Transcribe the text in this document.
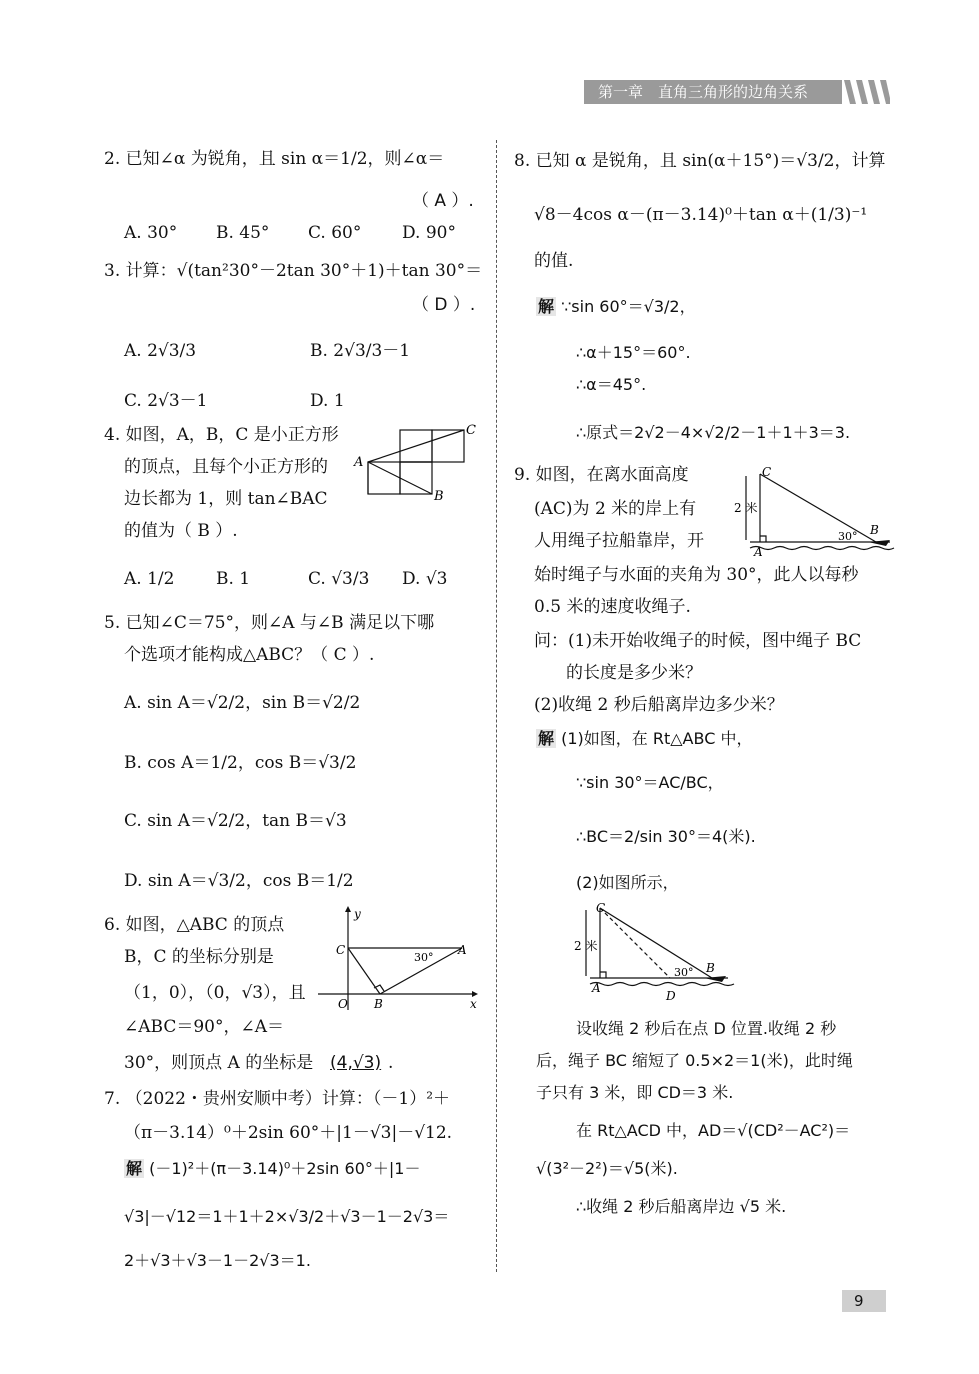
第一章　直角三角形的边角关系
2. 已知∠α 为锐角，且 sin α＝1/2，则∠α＝
（ A ）.
A. 30° B. 45° C. 60° D. 90°
3. 计算：√(tan²30°－2tan 30°＋1)＋tan 30°＝
（ D ）.
A. 2√3/3	B. 2√3/3－1
C. 2√3－1	D. 1
4. 如图，A，B，C 是小正方形
的顶点，且每个小正方形的
边长都为 1，则 tan∠BAC
的值为（ B ）.
A
C
B
A. 1/2 B. 1	C. √3/3 D. √3
5. 已知∠C＝75°，则∠A 与∠B 满足以下哪
个选项才能构成△ABC？（ C ）.
A. sin A＝√2/2，sin B＝√2/2
B. cos A＝1/2，cos B＝√3/2
C. sin A＝√2/2，tan B＝√3
D. sin A＝√3/2，cos B＝1/2
6. 如图，△ABC 的顶点
B，C 的坐标分别是
（1，0），（0，√3），且
∠ABC＝90°，∠A＝
30°，则顶点 A 的坐标是 (4,√3) .
y
x
O
C	A
B
30°
7. （2022・贵州安顺中考）计算：（－1）²＋
（π－3.14）⁰＋2sin 60°＋|1－√3|－√12.
解 (－1)²＋(π－3.14)⁰＋2sin 60°＋|1－
√3|－√12＝1＋1＋2×√3/2＋√3－1－2√3＝
2＋√3＋√3－1－2√3＝1.
8. 已知 α 是锐角，且 sin(α＋15°)＝√3/2，计算
√8－4cos α－(π－3.14)⁰＋tan α＋(1/3)⁻¹
的值.
解 ∵sin 60°＝√3/2，
∴α＋15°＝60°.
∴α＝45°.
∴原式＝2√2－4×√2/2－1＋1＋3＝3.
9. 如图，在离水面高度
(AC)为 2 米的岸上有
人用绳子拉船靠岸，开
始时绳子与水面的夹角为 30°，此人以每秒
0.5 米的速度收绳子.
问：(1)未开始收绳子的时候，图中绳子 BC
的长度是多少米？
(2)收绳 2 秒后船离岸边多少米？
2 米
C
A
B
30°
解 (1)如图，在 Rt△ABC 中，
∵sin 30°＝AC/BC，
∴BC＝2/sin 30°＝4(米).
(2)如图所示，
2 米
C
A
D
B
30°
设收绳 2 秒后在点 D 位置.收绳 2 秒
后，绳子 BC 缩短了 0.5×2＝1(米)，此时绳
子只有 3 米，即 CD＝3 米.
在 Rt△ACD 中，AD＝√(CD²－AC²)＝
√(3²－2²)＝√5(米).
∴收绳 2 秒后船离岸边 √5 米.
9
